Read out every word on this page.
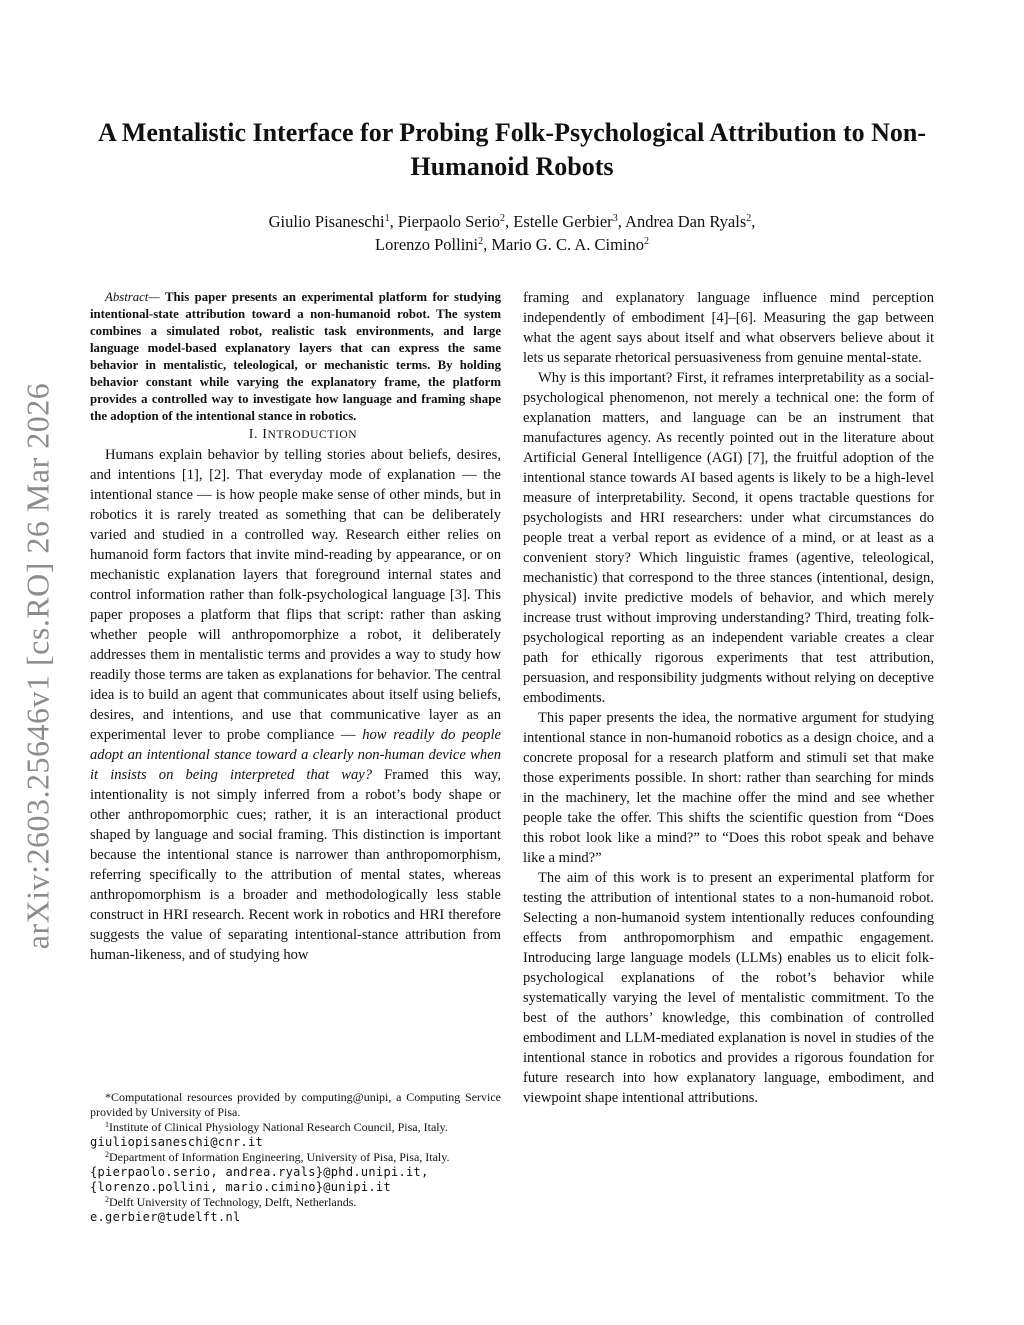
arXiv:2603.25646v1 [cs.RO] 26 Mar 2026
A Mentalistic Interface for Probing Folk-Psychological Attribution to Non-Humanoid Robots
Giulio Pisaneschi$^1$, Pierpaolo Serio$^2$, Estelle Gerbier$^3$, Andrea Dan Ryals$^2$,
Lorenzo Pollini$^2$, Mario G. C. A. Cimino$^2$

Abstract— This paper presents an experimental platform for studying intentional-state attribution toward a non-humanoid robot. The system combines a simulated robot, realistic task environments, and large language model-based explanatory layers that can express the same behavior in mentalistic, teleological, or mechanistic terms. By holding behavior constant while varying the explanatory frame, the platform provides a controlled way to investigate how language and framing shape the adoption of the intentional stance in robotics.

I. INTRODUCTION

Humans explain behavior by telling stories about beliefs, desires, and intentions [1], [2]. That everyday mode of explanation — the intentional stance — is how people make sense of other minds, but in robotics it is rarely treated as something that can be deliberately varied and studied in a controlled way. Research either relies on humanoid form factors that invite mind-reading by appearance, or on mechanistic explanation layers that foreground internal states and control information rather than folk-psychological language [3]. This paper proposes a platform that flips that script: rather than asking whether people will anthropomorphize a robot, it deliberately addresses them in mentalistic terms and provides a way to study how readily those terms are taken as explanations for behavior. The central idea is to build an agent that communicates about itself using beliefs, desires, and intentions, and use that communicative layer as an experimental lever to probe compliance — how readily do people adopt an intentional stance toward a clearly non-human device when it insists on being interpreted that way? Framed this way, intentionality is not simply inferred from a robot’s body shape or other anthropomorphic cues; rather, it is an interactional product shaped by language and social framing. This distinction is important because the intentional stance is narrower than anthropomorphism, referring specifically to the attribution of mental states, whereas anthropomorphism is a broader and methodologically less stable construct in HRI research. Recent work in robotics and HRI therefore suggests the value of separating intentional-stance attribution from human-likeness, and of studying how

*Computational resources provided by computing@unipi, a Computing Service provided by University of Pisa.

$^1$Institute of Clinical Physiology National Research Council, Pisa, Italy.

giuliopisaneschi@cnr.it

$^2$Department of Information Engineering, University of Pisa, Pisa, Italy.

{pierpaolo.serio, andrea.ryals}@phd.unipi.it,

{lorenzo.pollini, mario.cimino}@unipi.it

$^2$Delft University of Technology, Delft, Netherlands.

e.gerbier@tudelft.nl

framing and explanatory language influence mind perception independently of embodiment [4]–[6]. Measuring the gap between what the agent says about itself and what observers believe about it lets us separate rhetorical persuasiveness from genuine mental-state.

Why is this important? First, it reframes interpretability as a social-psychological phenomenon, not merely a technical one: the form of explanation matters, and language can be an instrument that manufactures agency. As recently pointed out in the literature about Artificial General Intelligence (AGI) [7], the fruitful adoption of the intentional stance towards AI based agents is likely to be a high-level measure of interpretability. Second, it opens tractable questions for psychologists and HRI researchers: under what circumstances do people treat a verbal report as evidence of a mind, or at least as a convenient story? Which linguistic frames (agentive, teleological, mechanistic) that correspond to the three stances (intentional, design, physical) invite predictive models of behavior, and which merely increase trust without improving understanding? Third, treating folk-psychological reporting as an independent variable creates a clear path for ethically rigorous experiments that test attribution, persuasion, and responsibility judgments without relying on deceptive embodiments.

This paper presents the idea, the normative argument for studying intentional stance in non-humanoid robotics as a design choice, and a concrete proposal for a research platform and stimuli set that make those experiments possible. In short: rather than searching for minds in the machinery, let the machine offer the mind and see whether people take the offer. This shifts the scientific question from “Does this robot look like a mind?” to “Does this robot speak and behave like a mind?”

The aim of this work is to present an experimental platform for testing the attribution of intentional states to a non-humanoid robot. Selecting a non-humanoid system intentionally reduces confounding effects from anthropomorphism and empathic engagement. Introducing large language models (LLMs) enables us to elicit folk-psychological explanations of the robot’s behavior while systematically varying the level of mentalistic commitment. To the best of the authors’ knowledge, this combination of controlled embodiment and LLM-mediated explanation is novel in studies of the intentional stance in robotics and provides a rigorous foundation for future research into how explanatory language, embodiment, and viewpoint shape intentional attributions.
